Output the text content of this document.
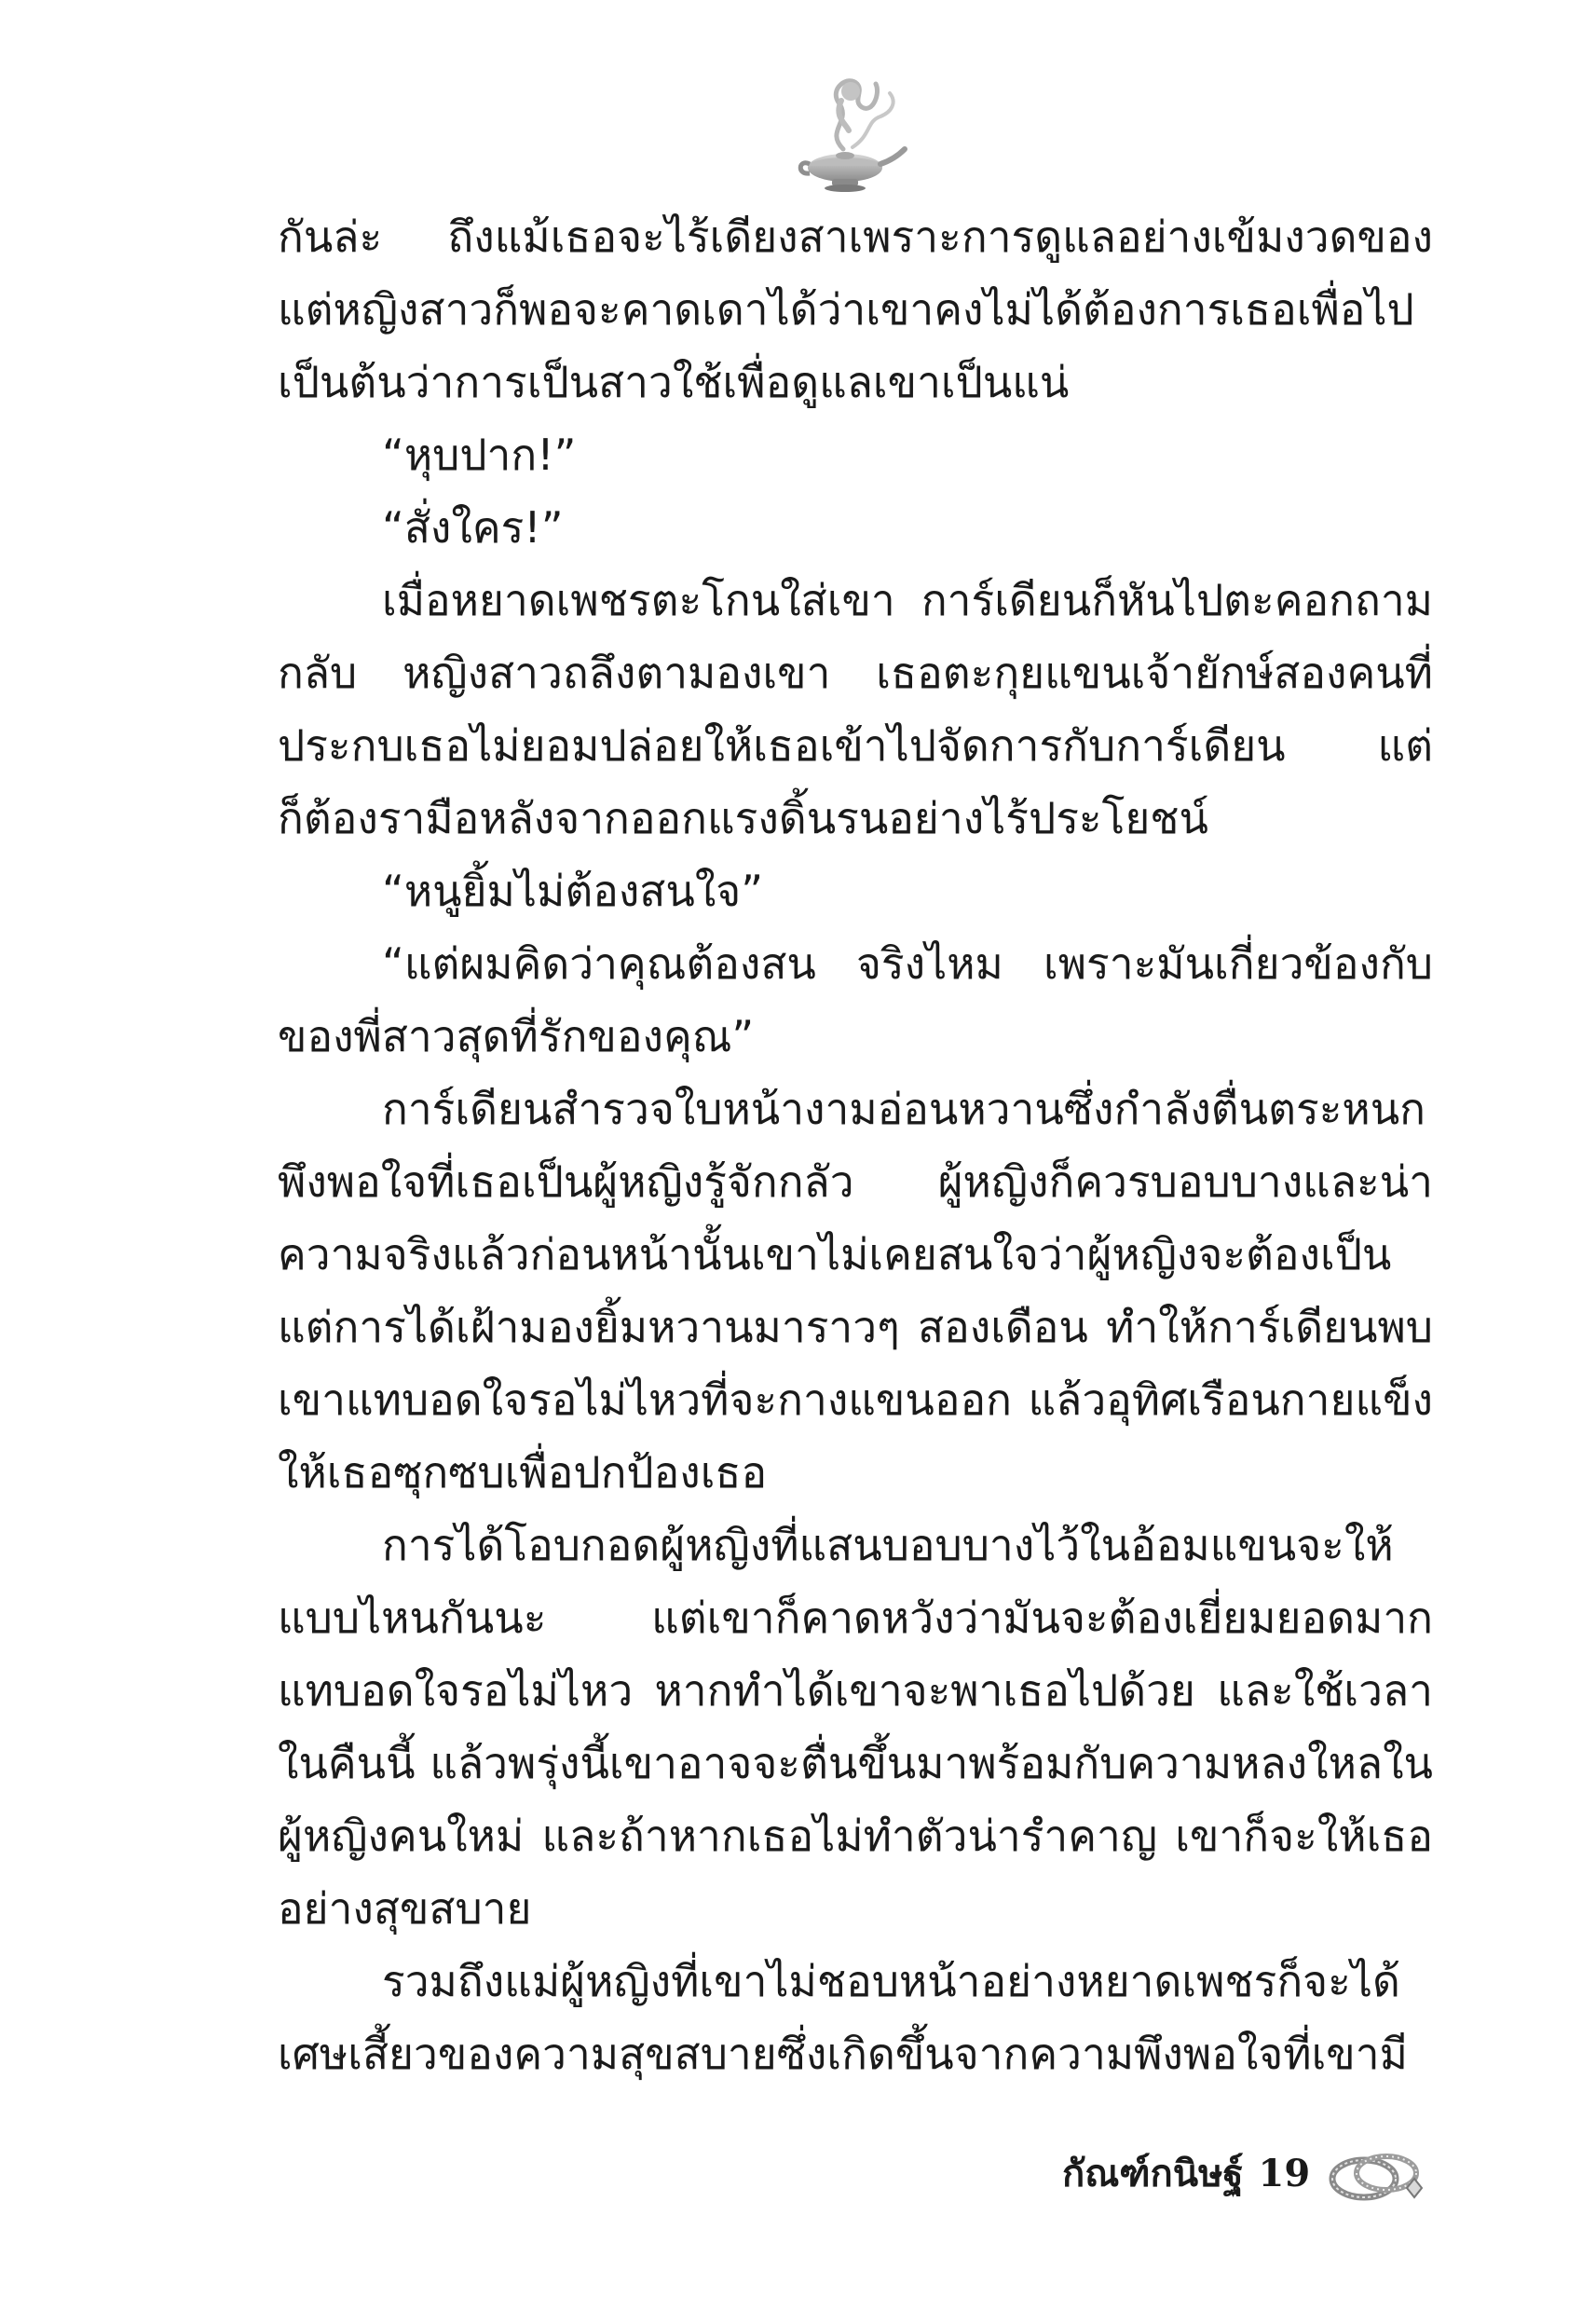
กันล่ะ ถึงแม้เธอจะไร้เดียงสาเพราะการดูแลอย่างเข้มงวดของ

แต่หญิงสาวก็พอจะคาดเดาได้ว่าเขาคงไม่ได้ต้องการเธอเพื่อไป

เป็นต้นว่าการเป็นสาวใช้เพื่อดูแลเขาเป็นแน่

“หุบปาก!”

“สั่งใคร!”

เมื่อหยาดเพชรตะโกนใส่เขา การ์เดียนก็หันไปตะคอกถาม

กลับ หญิงสาวถลึงตามองเขา เธอตะกุยแขนเจ้ายักษ์สองคนที่

ประกบเธอไม่ยอมปล่อยให้เธอเข้าไปจัดการกับการ์เดียน แต่

ก็ต้องรามือหลังจากออกแรงดิ้นรนอย่างไร้ประโยชน์

“หนูยิ้มไม่ต้องสนใจ”

“แต่ผมคิดว่าคุณต้องสน จริงไหม เพราะมันเกี่ยวข้องกับ

ของพี่สาวสุดที่รักของคุณ”

การ์เดียนสำรวจใบหน้างามอ่อนหวานซึ่งกำลังตื่นตระหนก

พึงพอใจที่เธอเป็นผู้หญิงรู้จักกลัว ผู้หญิงก็ควรบอบบางและน่า

ความจริงแล้วก่อนหน้านั้นเขาไม่เคยสนใจว่าผู้หญิงจะต้องเป็น

แต่การได้เฝ้ามองยิ้มหวานมาราวๆ สองเดือน ทำให้การ์เดียนพบ

เขาแทบอดใจรอไม่ไหวที่จะกางแขนออก แล้วอุทิศเรือนกายแข็ง

ให้เธอซุกซบเพื่อปกป้องเธอ

การได้โอบกอดผู้หญิงที่แสนบอบบางไว้ในอ้อมแขนจะให้

แบบไหนกันนะ แต่เขาก็คาดหวังว่ามันจะต้องเยี่ยมยอดมาก

แทบอดใจรอไม่ไหว หากทำได้เขาจะพาเธอไปด้วย และใช้เวลา

ในคืนนี้ แล้วพรุ่งนี้เขาอาจจะตื่นขึ้นมาพร้อมกับความหลงใหลใน

ผู้หญิงคนใหม่ และถ้าหากเธอไม่ทำตัวน่ารำคาญ เขาก็จะให้เธอ

อย่างสุขสบาย

รวมถึงแม่ผู้หญิงที่เขาไม่ชอบหน้าอย่างหยาดเพชรก็จะได้

เศษเสี้ยวของความสุขสบายซึ่งเกิดขึ้นจากความพึงพอใจที่เขามี

กัณฑ์กนิษฐ์ 19
